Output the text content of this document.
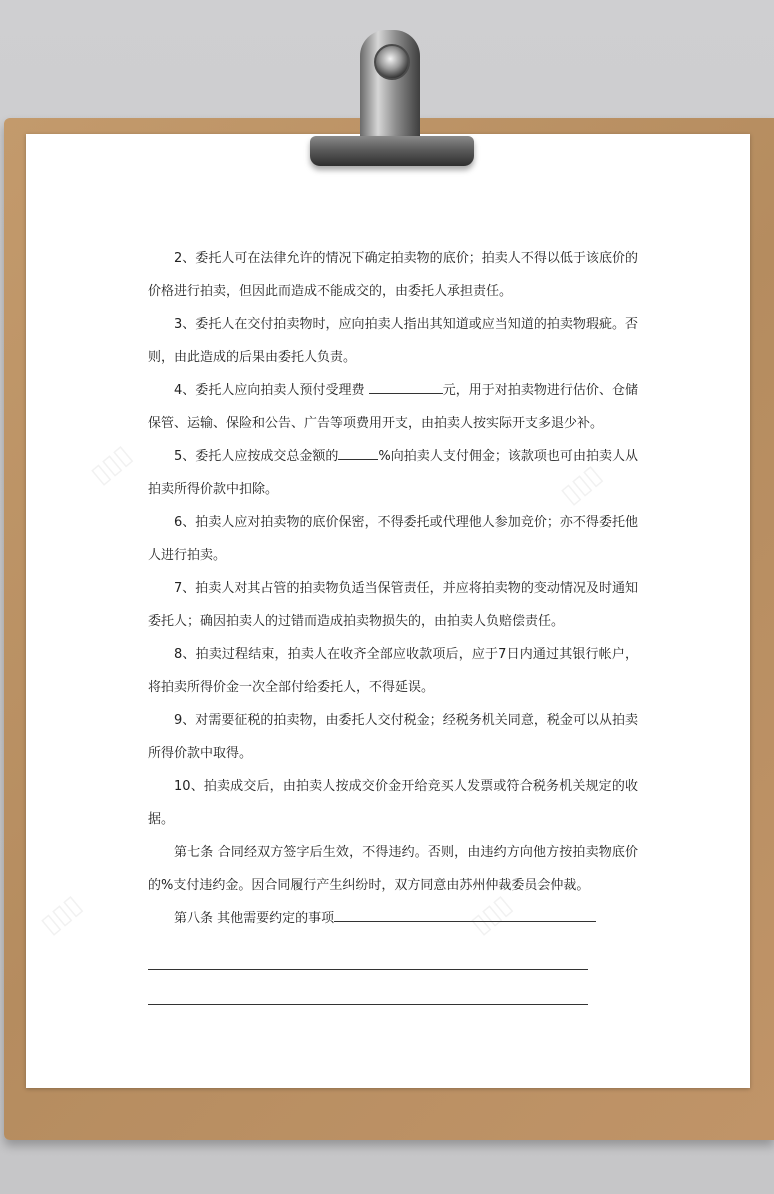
▯▯▯	▯▯▯
▯▯▯	▯▯▯

2、委托人可在法律允许的情况下确定拍卖物的底价；拍卖人不得以低于该底价的价格进行拍卖，但因此而造成不能成交的，由委托人承担责任。

3、委托人在交付拍卖物时，应向拍卖人指出其知道或应当知道的拍卖物瑕疵。否则，由此造成的后果由委托人负责。

4、委托人应向拍卖人预付受理费	元，用于对拍卖物进行估价、仓储保管、运输、保险和公告、广告等项费用开支，由拍卖人按实际开支多退少补。

5、委托人应按成交总金额的	%向拍卖人支付佣金；该款项也可由拍卖人从拍卖所得价款中扣除。

6、拍卖人应对拍卖物的底价保密，不得委托或代理他人参加竞价；亦不得委托他人进行拍卖。

7、拍卖人对其占管的拍卖物负适当保管责任，并应将拍卖物的变动情况及时通知委托人；确因拍卖人的过错而造成拍卖物损失的，由拍卖人负赔偿责任。

8、拍卖过程结束，拍卖人在收齐全部应收款项后，应于7日内通过其银行帐户，将拍卖所得价金一次全部付给委托人，不得延误。

9、对需要征税的拍卖物，由委托人交付税金；经税务机关同意，税金可以从拍卖所得价款中取得。

10、拍卖成交后，由拍卖人按成交价金开给竞买人发票或符合税务机关规定的收据。

第七条 合同经双方签字后生效，不得违约。否则，由违约方向他方按拍卖物底价的%支付违约金。因合同履行产生纠纷时，双方同意由苏州仲裁委员会仲裁。

第八条 其他需要约定的事项
